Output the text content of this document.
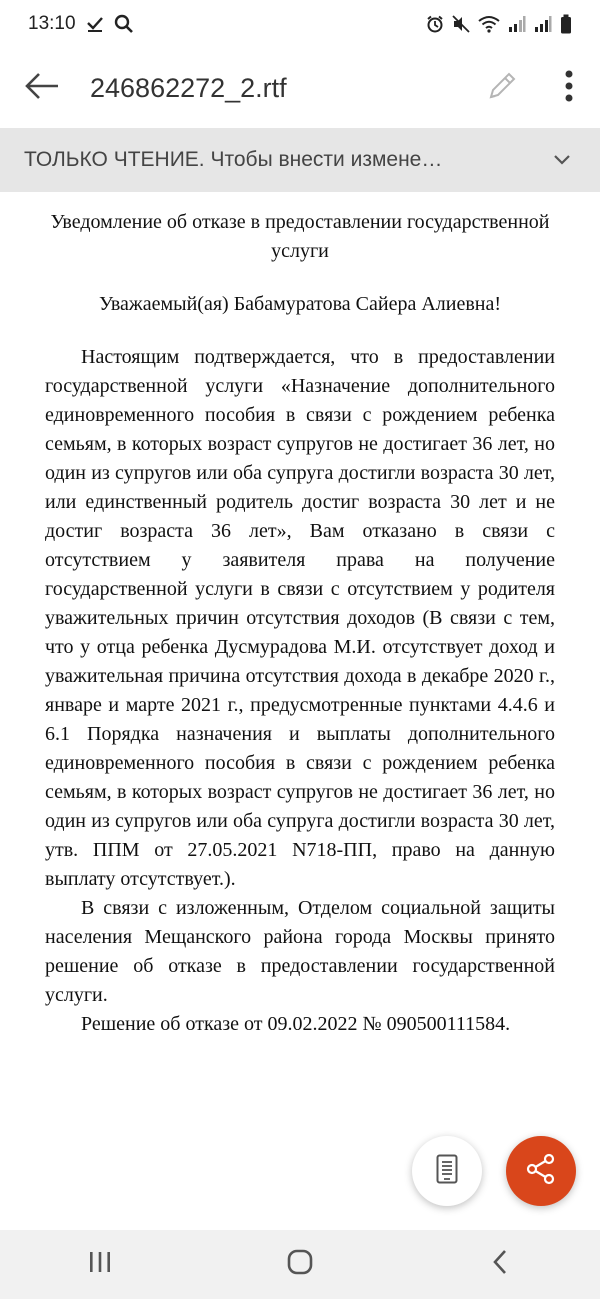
13:10
246862272_2.rtf
ТОЛЬКО ЧТЕНИЕ. Чтобы внести измене…

Уведомление об отказе в предоставлении государственной услуги

Уважаемый(ая) Бабамуратова Сайера Алиевна!

Настоящим подтверждается, что в предоставлении государственной услуги «Назначение дополнительного единовременного пособия в связи с рождением ребенка семьям, в которых возраст супругов не достигает 36 лет, но один из супругов или оба супруга достигли возраста 30 лет, или единственный родитель достиг возраста 30 лет и не достиг возраста 36 лет», Вам отказано в связи с отсутствием у заявителя права на получение государственной услуги в связи с отсутствием у родителя уважительных причин отсутствия доходов (В связи с тем, что у отца ребенка Дусмурадова М.И. отсутствует доход и уважительная причина отсутствия дохода в декабре 2020 г., январе и марте 2021 г., предусмотренные пунктами 4.4.6 и 6.1 Порядка назначения и выплаты дополнительного единовременного пособия в связи с рождением ребенка семьям, в которых возраст супругов не достигает 36 лет, но один из супругов или оба супруга достигли возраста 30 лет, утв. ППМ от 27.05.2021 N718-ПП, право на данную выплату отсутствует.).

В связи с изложенным, Отделом социальной защиты населения Мещанского района города Москвы принято решение об отказе в предоставлении государственной услуги.

Решение об отказе от 09.02.2022 № 090500111584.
